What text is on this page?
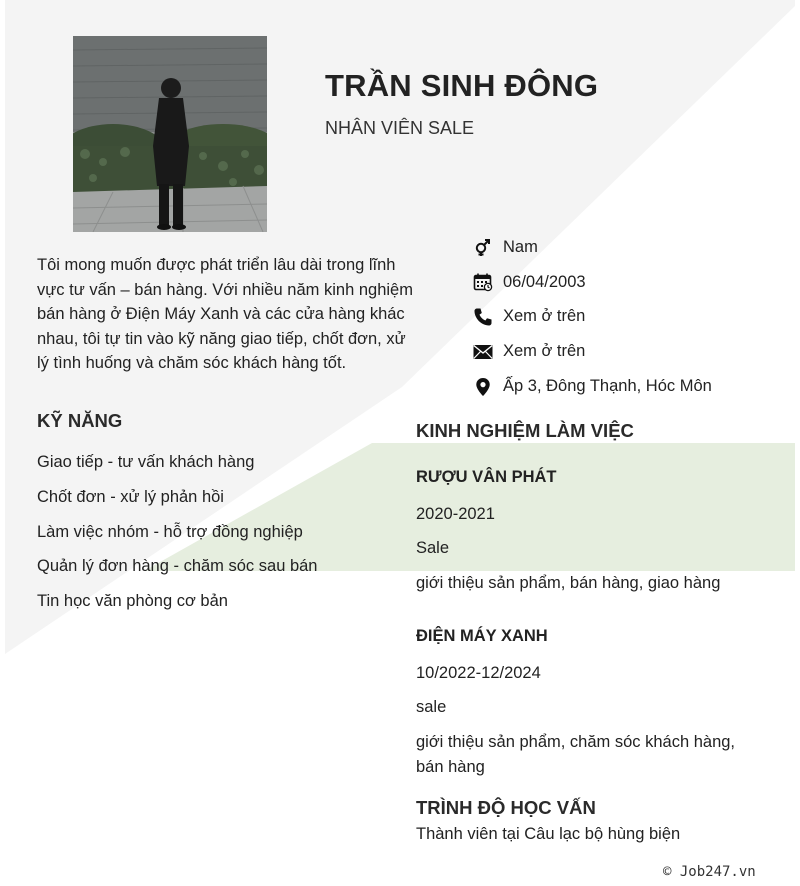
TRẦN SINH ĐÔNG
NHÂN VIÊN SALE
Tôi mong muốn được phát triển lâu dài trong lĩnh vực tư vấn – bán hàng. Với nhiều năm kinh nghiệm bán hàng ở Điện Máy Xanh và các cửa hàng khác nhau, tôi tự tin vào kỹ năng giao tiếp, chốt đơn, xử lý tình huống và chăm sóc khách hàng tốt.
Nam
06/04/2003
Xem ở trên
Xem ở trên
Ấp 3, Đông Thạnh, Hóc Môn
KỸ NĂNG
Giao tiếp - tư vấn khách hàng
Chốt đơn - xử lý phản hồi
Làm việc nhóm - hỗ trợ đồng nghiệp
Quản lý đơn hàng - chăm sóc sau bán
Tin học văn phòng cơ bản
KINH NGHIỆM LÀM VIỆC
RƯỢU VÂN PHÁT
2020-2021
Sale
giới thiệu sản phẩm, bán hàng, giao hàng
ĐIỆN MÁY XANH
10/2022-12/2024
sale
giới thiệu sản phẩm, chăm sóc khách hàng, bán hàng
TRÌNH ĐỘ HỌC VẤN
Thành viên tại Câu lạc bộ hùng biện
© Job247.vn
